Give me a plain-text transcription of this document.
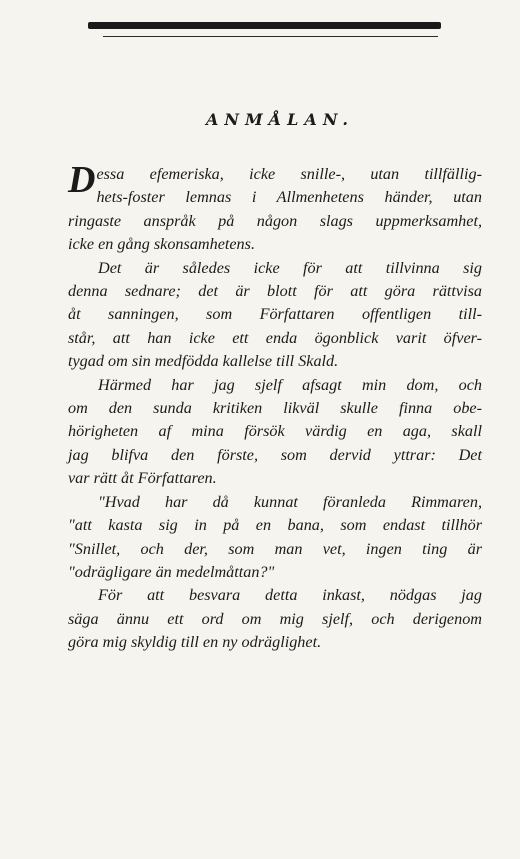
ANMÅLAN.

D essa efemeriska, icke snille-, utan tillfällig-
hets-foster lemnas i Allmenhetens händer, utan
ringaste anspråk på någon slags uppmerksamhet,
icke en gång skonsamhetens.

Det är således icke för att tillvinna sig
denna sednare; det är blott för att göra rättvisa
åt sanningen, som Författaren offentligen till-
står, att han icke ett enda ögonblick varit öfver-
tygad om sin medfödda kallelse till Skald.

Härmed har jag sjelf afsagt min dom, och
om den sunda kritiken likväl skulle finna obe-
hörigheten af mina försök värdig en aga, skall
jag blifva den förste, som dervid yttrar: Det
var rätt åt Författaren.

"Hvad har då kunnat föranleda Rimmaren,
"att kasta sig in på en bana, som endast tillhör
"Snillet, och der, som man vet, ingen ting är
"odrägligare än medelmåttan?"

För att besvara detta inkast, nödgas jag
säga ännu ett ord om mig sjelf, och derigenom
göra mig skyldig till en ny odräglighet.
